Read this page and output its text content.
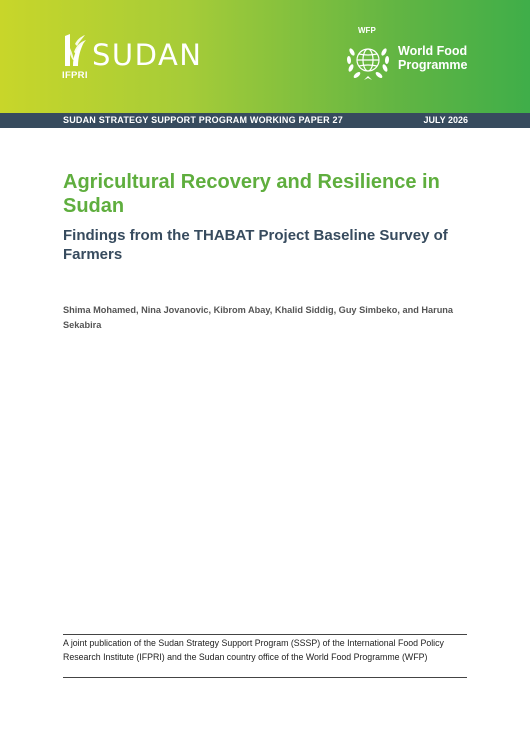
SUDAN
IFPRI
WFP
World Food
Programme
SUDAN STRATEGY SUPPORT PROGRAM WORKING PAPER 27	JULY 2026
Agricultural Recovery and Resilience in Sudan
Findings from the THABAT Project Baseline Survey of Farmers
Shima Mohamed, Nina Jovanovic, Kibrom Abay, Khalid Siddig, Guy Simbeko, and Haruna Sekabira
A joint publication of the Sudan Strategy Support Program (SSSP) of the International Food Policy Research Institute (IFPRI) and the Sudan country office of the World Food Programme (WFP)
